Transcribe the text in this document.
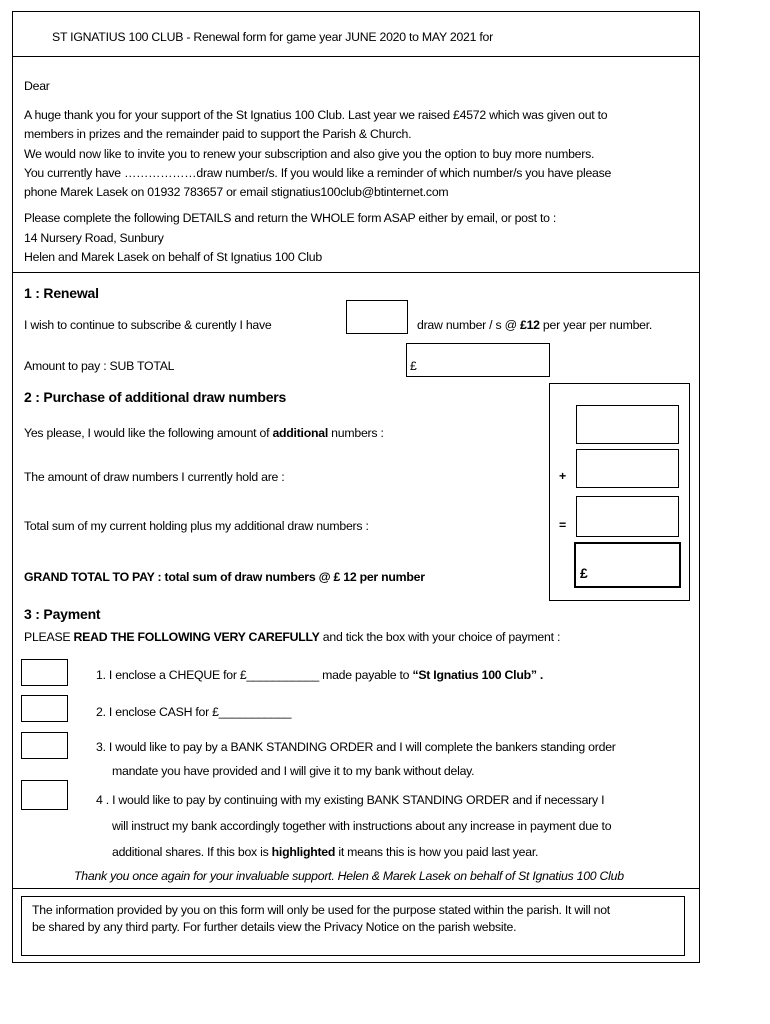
ST IGNATIUS 100 CLUB - Renewal form for game year JUNE 2020 to MAY 2021 for
Dear
A huge thank you for your support of the St Ignatius 100 Club. Last year we raised £4572 which was given out to
members in prizes and the remainder paid to support the Parish & Church.
We would now like to invite you to renew your subscription and also give you the option to buy more numbers.
You currently have ………………draw number/s. If you would like a reminder of which number/s you have please
phone Marek Lasek on 01932 783657 or email stignatius100club@btinternet.com
Please complete the following DETAILS and return the WHOLE form ASAP either by email, or post to :
14 Nursery Road, Sunbury
Helen and Marek Lasek on behalf of St Ignatius 100 Club
1 : Renewal
I wish to continue to subscribe & curently I have	draw number / s @ £12 per year per number.
Amount to pay : SUB TOTAL	£
2 : Purchase of additional draw numbers
Yes please, I would like the following amount of additional numbers :
The amount of draw numbers I currently hold are :	+
Total sum of my current holding plus my additional draw numbers :	=
GRAND TOTAL TO PAY : total sum of draw numbers @ £ 12 per number	£
3 : Payment
PLEASE READ THE FOLLOWING VERY CAREFULLY and tick the box with your choice of payment :
1. I enclose a CHEQUE for £___________ made payable to “St Ignatius 100 Club” .
2. I enclose CASH for £___________
3. I would like to pay by a BANK STANDING ORDER and I will complete the bankers standing order
mandate you have provided and I will give it to my bank without delay.
4 . I would like to pay by continuing with my existing BANK STANDING ORDER and if necessary I
will instruct my bank accordingly together with instructions about any increase in payment due to
additional shares. If this box is highlighted it means this is how you paid last year.
Thank you once again for your invaluable support. Helen & Marek Lasek on behalf of St Ignatius 100 Club
The information provided by you on this form will only be used for the purpose stated within the parish. It will not
be shared by any third party. For further details view the Privacy Notice on the parish website.
